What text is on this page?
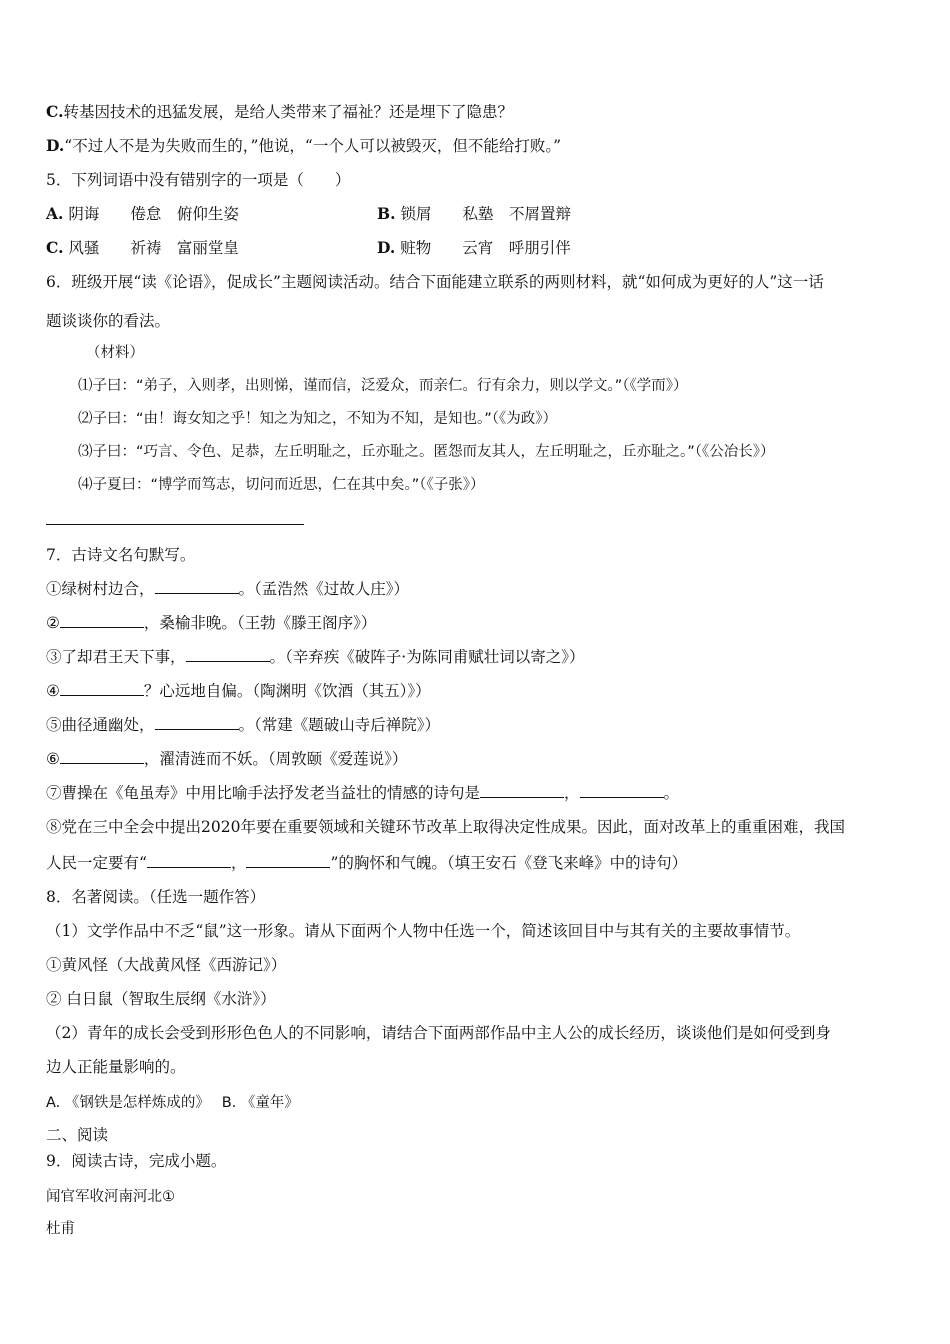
C.转基因技术的迅猛发展，是给人类带来了福祉？还是埋下了隐患？
D.“不过人不是为失败而生的，”他说，“一个人可以被毁灭，但不能给打败。”
5．下列词语中没有错别字的一项是（　　）
A. 阴诲　　倦怠　俯仰生姿	B. 锁屑　　私塾　不屑置辩
C. 风骚　　祈祷　富丽堂皇	D. 赃物　　云宵　呼朋引伴
6．班级开展“读《论语》，促成长”主题阅读活动。结合下面能建立联系的两则材料，就“如何成为更好的人”这一话
题谈谈你的看法。
（材料）
⑴子曰：“弟子，入则孝，出则悌，谨而信，泛爱众，而亲仁。行有余力，则以学文。”（《学而》）
⑵子曰：“由！诲女知之乎！知之为知之，不知为不知，是知也。”（《为政》）
⑶子曰：“巧言、令色、足恭，左丘明耻之，丘亦耻之。匿怨而友其人，左丘明耻之，丘亦耻之。”（《公冶长》）
⑷子夏曰：“博学而笃志，切问而近思，仁在其中矣。”（《子张》）
7．古诗文名句默写。
①绿树村边合，	。（孟浩然《过故人庄》）
②	，桑榆非晚。（王勃《滕王阁序》）
③了却君王天下事，	。（辛弃疾《破阵子·为陈同甫赋壮词以寄之》）
④	？心远地自偏。（陶渊明《饮酒（其五）》）
⑤曲径通幽处，	。（常建《题破山寺后禅院》）
⑥	，濯清涟而不妖。（周敦颐《爱莲说》）
⑦曹操在《龟虽寿》中用比喻手法抒发老当益壮的情感的诗句是	，	。
⑧党在三中全会中提出2020年要在重要领域和关键环节改革上取得决定性成果。因此，面对改革上的重重困难，我国
人民一定要有“	，	”的胸怀和气魄。（填王安石《登飞来峰》中的诗句）
8．名著阅读。（任选一题作答）
（1）文学作品中不乏“鼠”这一形象。请从下面两个人物中任选一个，简述该回目中与其有关的主要故事情节。
①黄风怪（大战黄风怪《西游记》）
② 白日鼠（智取生辰纲《水浒》）
（2）青年的成长会受到形形色色人的不同影响，请结合下面两部作品中主人公的成长经历，谈谈他们是如何受到身
边人正能量影响的。
A. 《钢铁是怎样炼成的》　 B. 《童年》
二、阅读
9．阅读古诗，完成小题。
闻官军收河南河北①
杜甫
